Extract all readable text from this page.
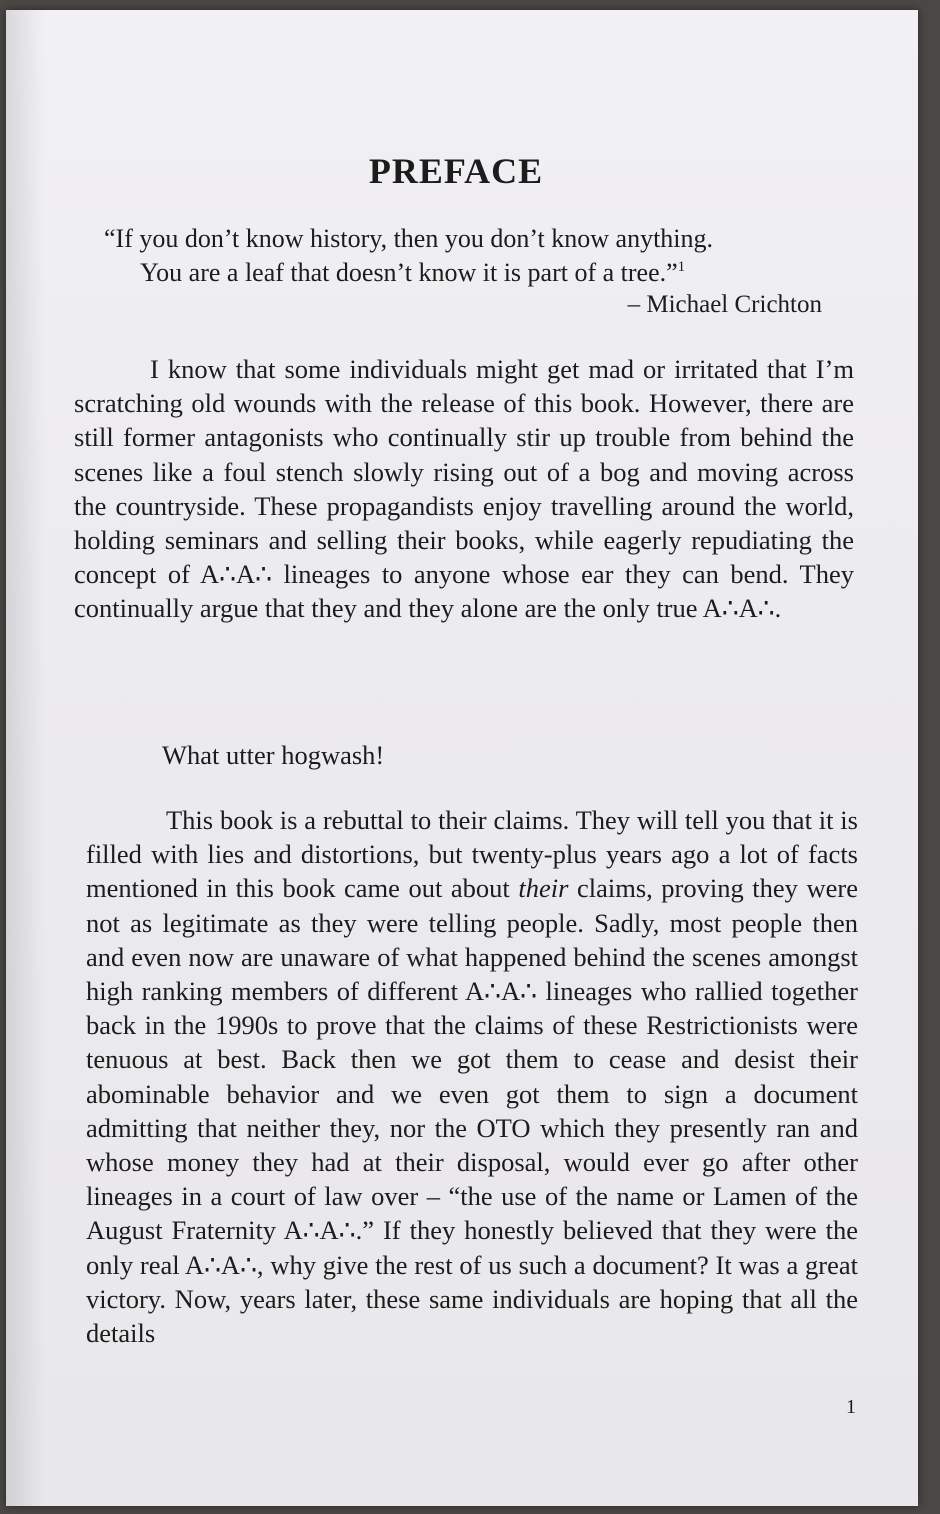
PREFACE
“If you don’t know history, then you don’t know anything.
You are a leaf that doesn’t know it is part of a tree.”$^1$
– Michael Crichton

I know that some individuals might get mad or irritated that I’m scratching old wounds with the release of this book. However, there are still former antagonists who continually stir up trouble from behind the scenes like a foul stench slowly rising out of a bog and moving across the countryside. These propagandists enjoy travelling around the world, holding seminars and selling their books, while eagerly repudiating the concept of A∴A∴ lineages to anyone whose ear they can bend. They continually argue that they and they alone are the only true A∴A∴.

What utter hogwash!

This book is a rebuttal to their claims. They will tell you that it is filled with lies and distortions, but twenty-plus years ago a lot of facts mentioned in this book came out about their claims, proving they were not as legitimate as they were telling people. Sadly, most people then and even now are unaware of what happened behind the scenes amongst high ranking members of different A∴A∴ lineages who rallied together back in the 1990s to prove that the claims of these Restrictionists were tenuous at best. Back then we got them to cease and desist their abominable behavior and we even got them to sign a document admitting that neither they, nor the OTO which they presently ran and whose money they had at their disposal, would ever go after other lineages in a court of law over – “the use of the name or Lamen of the August Fraternity A∴A∴.” If they honestly believed that they were the only real A∴A∴, why give the rest of us such a document? It was a great victory. Now, years later, these same individuals are hoping that all the details

1
